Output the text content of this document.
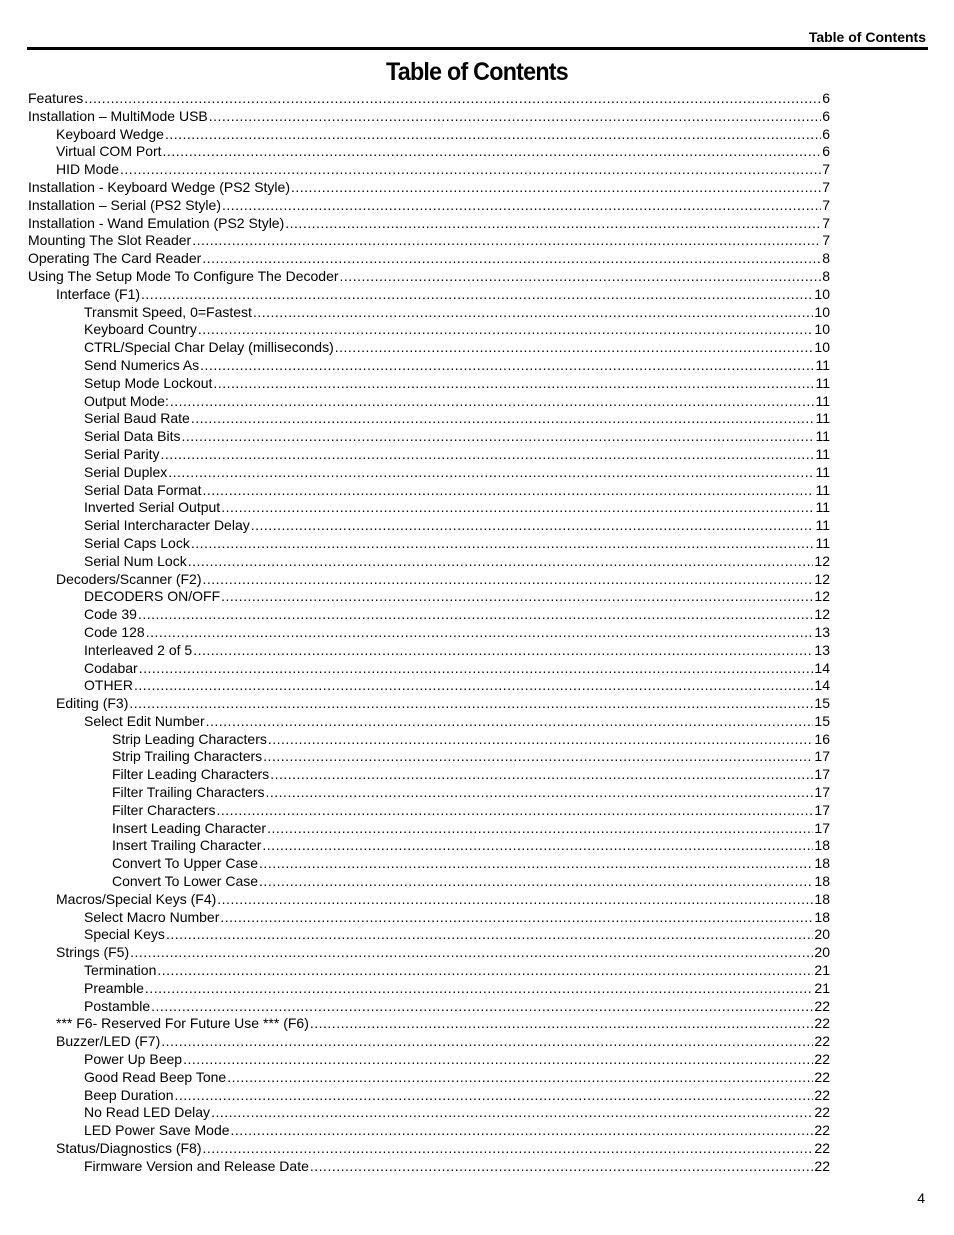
Table of Contents
Table of Contents
Features .....	6
Installation – MultiMode USB .....	6
Keyboard Wedge .....	6
Virtual COM Port .....	6
HID Mode .....	7
Installation - Keyboard Wedge (PS2 Style) .....	7
Installation – Serial (PS2 Style) .....	7
Installation - Wand Emulation (PS2 Style) .....	7
Mounting The Slot Reader .....	7
Operating The Card Reader .....	8
Using The Setup Mode To Configure The Decoder .....	8
Interface (F1) .....	10
Transmit Speed, 0=Fastest .....	10
Keyboard Country .....	10
CTRL/Special Char Delay (milliseconds) .....	10
Send Numerics As .....	11
Setup Mode Lockout .....	11
Output Mode: .....	11
Serial Baud Rate .....	11
Serial Data Bits .....	11
Serial Parity .....	11
Serial Duplex .....	11
Serial Data Format .....	11
Inverted Serial Output .....	11
Serial Intercharacter Delay .....	11
Serial Caps Lock .....	11
Serial Num Lock .....	12
Decoders/Scanner (F2) .....	12
DECODERS ON/OFF .....	12
Code 39 .....	12
Code 128 .....	13
Interleaved 2 of 5 .....	13
Codabar .....	14
OTHER .....	14
Editing (F3) .....	15
Select Edit Number .....	15
Strip Leading Characters .....	16
Strip Trailing Characters .....	17
Filter Leading Characters .....	17
Filter Trailing Characters .....	17
Filter Characters .....	17
Insert Leading Character .....	17
Insert Trailing Character .....	18
Convert To Upper Case .....	18
Convert To Lower Case .....	18
Macros/Special Keys (F4) .....	18
Select Macro Number .....	18
Special Keys .....	20
Strings (F5) .....	20
Termination .....	21
Preamble .....	21
Postamble .....	22
*** F6- Reserved For Future Use *** (F6) .....	22
Buzzer/LED (F7) .....	22
Power Up Beep .....	22
Good Read Beep Tone .....	22
Beep Duration .....	22
No Read LED Delay .....	22
LED Power Save Mode .....	22
Status/Diagnostics (F8) .....	22
Firmware Version and Release Date .....	22
4
